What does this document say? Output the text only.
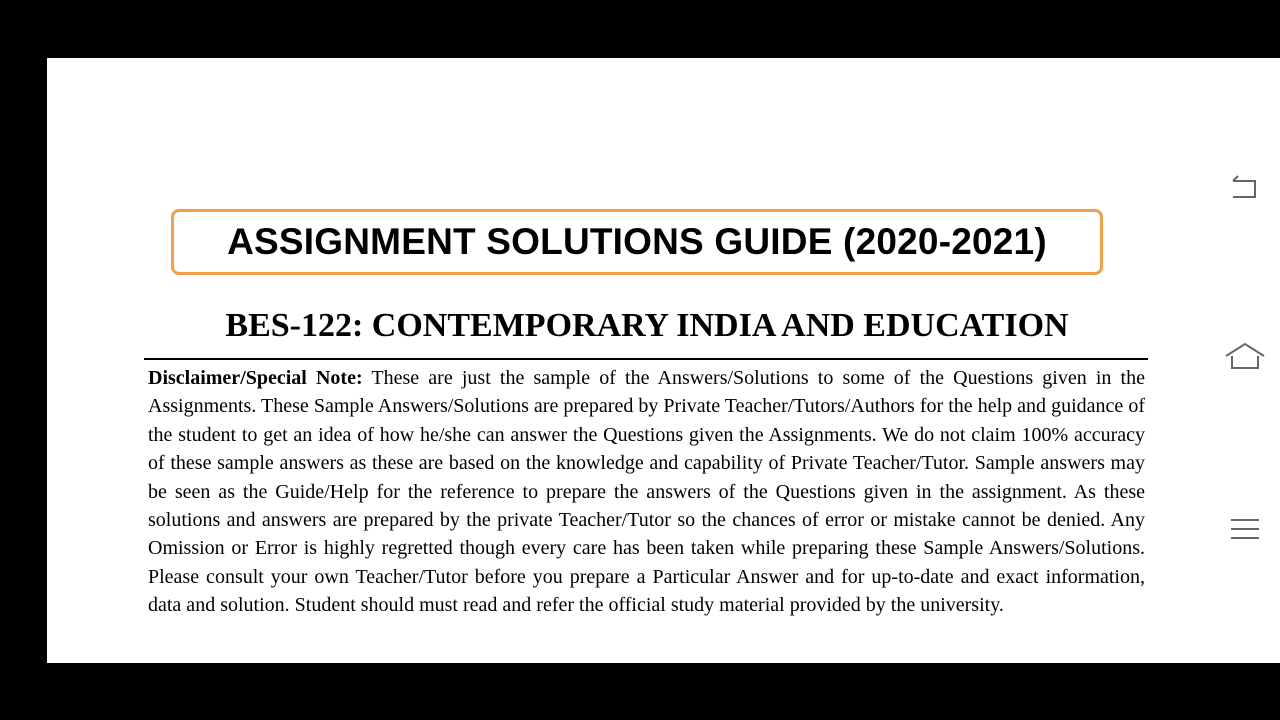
ASSIGNMENT SOLUTIONS GUIDE (2020-2021)
BES-122: CONTEMPORARY INDIA AND EDUCATION
Disclaimer/Special Note: These are just the sample of the Answers/Solutions to some of the Questions given in the Assignments. These Sample Answers/Solutions are prepared by Private Teacher/Tutors/Authors for the help and guidance of the student to get an idea of how he/she can answer the Questions given the Assignments. We do not claim 100% accuracy of these sample answers as these are based on the knowledge and capability of Private Teacher/Tutor. Sample answers may be seen as the Guide/Help for the reference to prepare the answers of the Questions given in the assignment. As these solutions and answers are prepared by the private Teacher/Tutor so the chances of error or mistake cannot be denied. Any Omission or Error is highly regretted though every care has been taken while preparing these Sample Answers/Solutions. Please consult your own Teacher/Tutor before you prepare a Particular Answer and for up-to-date and exact information, data and solution. Student should must read and refer the official study material provided by the university.
